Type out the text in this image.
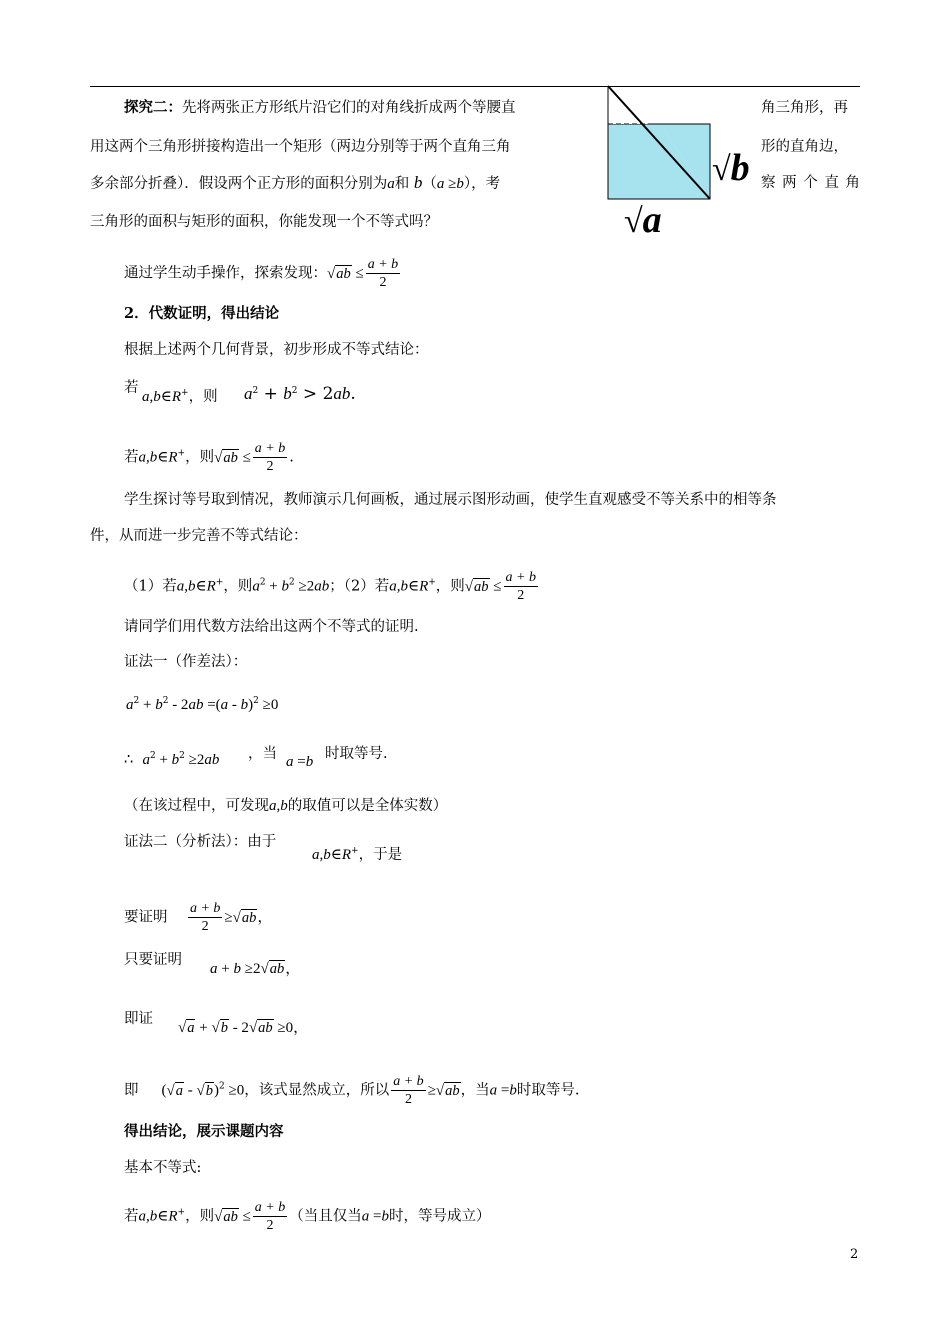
探究二：先将两张正方形纸片沿它们的对角线折成两个等腰直	角三角形，再
用这两个三角形拼接构造出一个矩形（两边分别等于两个直角三角	形的直角边，
多余部分折叠）．假设两个正方形的面积分别为a和 b（a ≥b），考	察 两 个 直 角
三角形的面积与矩形的面积，你能发现一个不等式吗？
√b
√a
通过学生动手操作，探索发现：$√ab \le \frac{a + b}{2}$
2．代数证明，得出结论
根据上述两个几何背景，初步形成不等式结论：
若
a,b∈R+，则 $a^2 + b^2 > 2ab$.
若a,b∈R+，则$√ab \le \frac{a + b}{2}$ .
学生探讨等号取到情况，教师演示几何画板，通过展示图形动画，使学生直观感受不等关系中的相等条
件，从而进一步完善不等式结论：
（1）若a,b∈R+，则$a^2 + b^2 \ge 2ab$；（2）若a,b∈R+，则$√ab \le \frac{a + b}{2}$
请同学们用代数方法给出这两个不等式的证明.
证法一（作差法）：
$a^2 + b^2 - 2ab =(a - b)^2 \ge 0$
∴ $a^2 + b^2 \ge 2ab$ ，当 a =b 时取等号.
（在该过程中，可发现a,b的取值可以是全体实数）
证法二（分析法）：由于
a,b∈R+，于是
要证明 $\frac{a + b}{2} \ge√ab$，
只要证明
a + b ≥2√ab，
即证
√a + √b - 2√ab ≥0，
即 (√a - √b)$^2$ ≥0，该式显然成立，所以 $\frac{a + b}{2} \ge√ab$，当a =b时取等号.
得出结论，展示课题内容
基本不等式:
若a,b∈R+，则$√ab \le \frac{a + b}{2}$ （当且仅当a =b时，等号成立）
2
